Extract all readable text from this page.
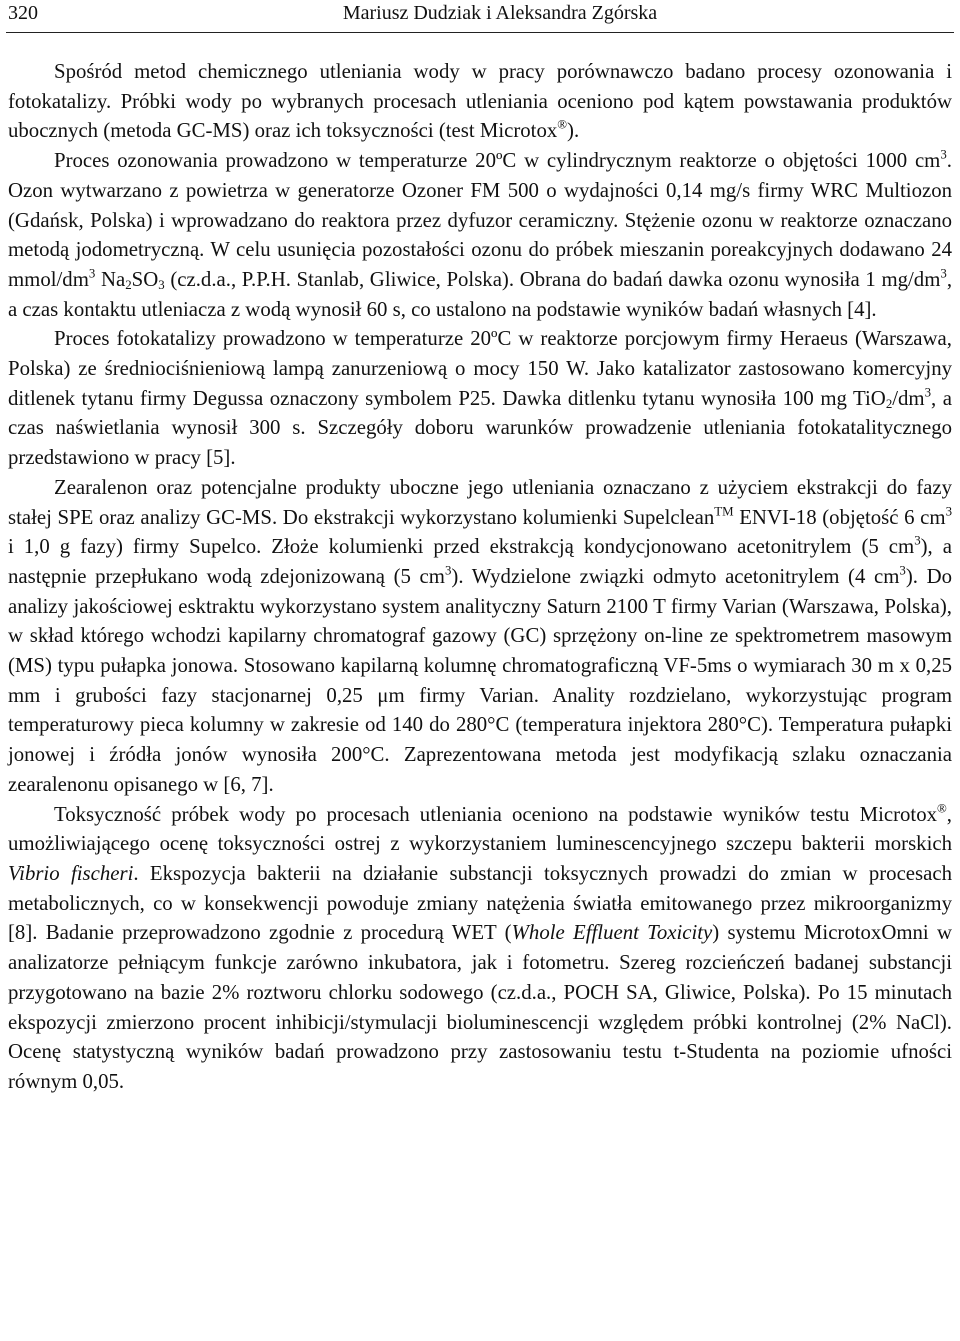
320	Mariusz Dudziak i Aleksandra Zgórska

Spośród metod chemicznego utleniania wody w pracy porównawczo badano procesy ozonowania i fotokatalizy. Próbki wody po wybranych procesach utleniania oceniono pod kątem powstawania produktów ubocznych (metoda GC-MS) oraz ich toksyczności (test Microtox®).

Proces ozonowania prowadzono w temperaturze 20ºC w cylindrycznym reaktorze o objętości 1000 $cm^3$. Ozon wytwarzano z powietrza w generatorze Ozoner FM 500 o wydajności 0,14 mg/s firmy WRC Multiozon (Gdańsk, Polska) i wprowadzano do reaktora przez dyfuzor ceramiczny. Stężenie ozonu w reaktorze oznaczano metodą jodometryczną. W celu usunięcia pozostałości ozonu do próbek mieszanin poreakcyjnych dodawano 24 mmol/$dm^3$ $Na_2SO_3$ (cz.d.a., P.P.H. Stanlab, Gliwice, Polska). Obrana do badań dawka ozonu wynosiła 1 $mg/dm^3$, a czas kontaktu utleniacza z wodą wynosił 60 s, co ustalono na podstawie wyników badań własnych [4].

Proces fotokatalizy prowadzono w temperaturze 20ºC w reaktorze porcjowym firmy Heraeus (Warszawa, Polska) ze średniociśnieniową lampą zanurzeniową o mocy 150 W. Jako katalizator zastosowano komercyjny ditlenek tytanu firmy Degussa oznaczony symbolem P25. Dawka ditlenku tytanu wynosiła 100 mg $TiO_2/dm^3$, a czas naświetlania wynosił 300 s. Szczegóły doboru warunków prowadzenie utleniania fotokatalitycznego przedstawiono w pracy [5].

Zearalenon oraz potencjalne produkty uboczne jego utleniania oznaczano z użyciem ekstrakcji do fazy stałej SPE oraz analizy GC-MS. Do ekstrakcji wykorzystano kolumienki Supelclean™ ENVI-18 (objętość 6 $cm^3$ i 1,0 g fazy) firmy Supelco. Złoże kolumienki przed ekstrakcją kondycjonowano acetonitrylem (5 $cm^3$), a następnie przepłukano wodą zdejonizowaną (5 $cm^3$). Wydzielone związki odmyto acetonitrylem (4 $cm^3$). Do analizy jakościowej esktraktu wykorzystano system analityczny Saturn 2100 T firmy Varian (Warszawa, Polska), w skład którego wchodzi kapilarny chromatograf gazowy (GC) sprzężony on-line ze spektrometrem masowym (MS) typu pułapka jonowa. Stosowano kapilarną kolumnę chromatograficzną VF-5ms o wymiarach 30 m x 0,25 mm i grubości fazy stacjonarnej 0,25 μm firmy Varian. Anality rozdzielano, wykorzystując program temperaturowy pieca kolumny w zakresie od 140 do 280°C (temperatura injektora 280°C). Temperatura pułapki jonowej i źródła jonów wynosiła 200°C. Zaprezentowana metoda jest modyfikacją szlaku oznaczania zearalenonu opisanego w [6, 7].

Toksyczność próbek wody po procesach utleniania oceniono na podstawie wyników testu Microtox®, umożliwiającego ocenę toksyczności ostrej z wykorzystaniem luminescencyjnego szczepu bakterii morskich Vibrio fischeri. Ekspozycja bakterii na działanie substancji toksycznych prowadzi do zmian w procesach metabolicznych, co w konsekwencji powoduje zmiany natężenia światła emitowanego przez mikroorganizmy [8]. Badanie przeprowadzono zgodnie z procedurą WET (Whole Effluent Toxicity) systemu MicrotoxOmni w analizatorze pełniącym funkcje zarówno inkubatora, jak i fotometru. Szereg rozcieńczeń badanej substancji przygotowano na bazie 2% roztworu chlorku sodowego (cz.d.a., POCH SA, Gliwice, Polska). Po 15 minutach ekspozycji zmierzono procent inhibicji/stymulacji bioluminescencji względem próbki kontrolnej (2% NaCl). Ocenę statystyczną wyników badań prowadzono przy zastosowaniu testu t-Studenta na poziomie ufności równym 0,05.
